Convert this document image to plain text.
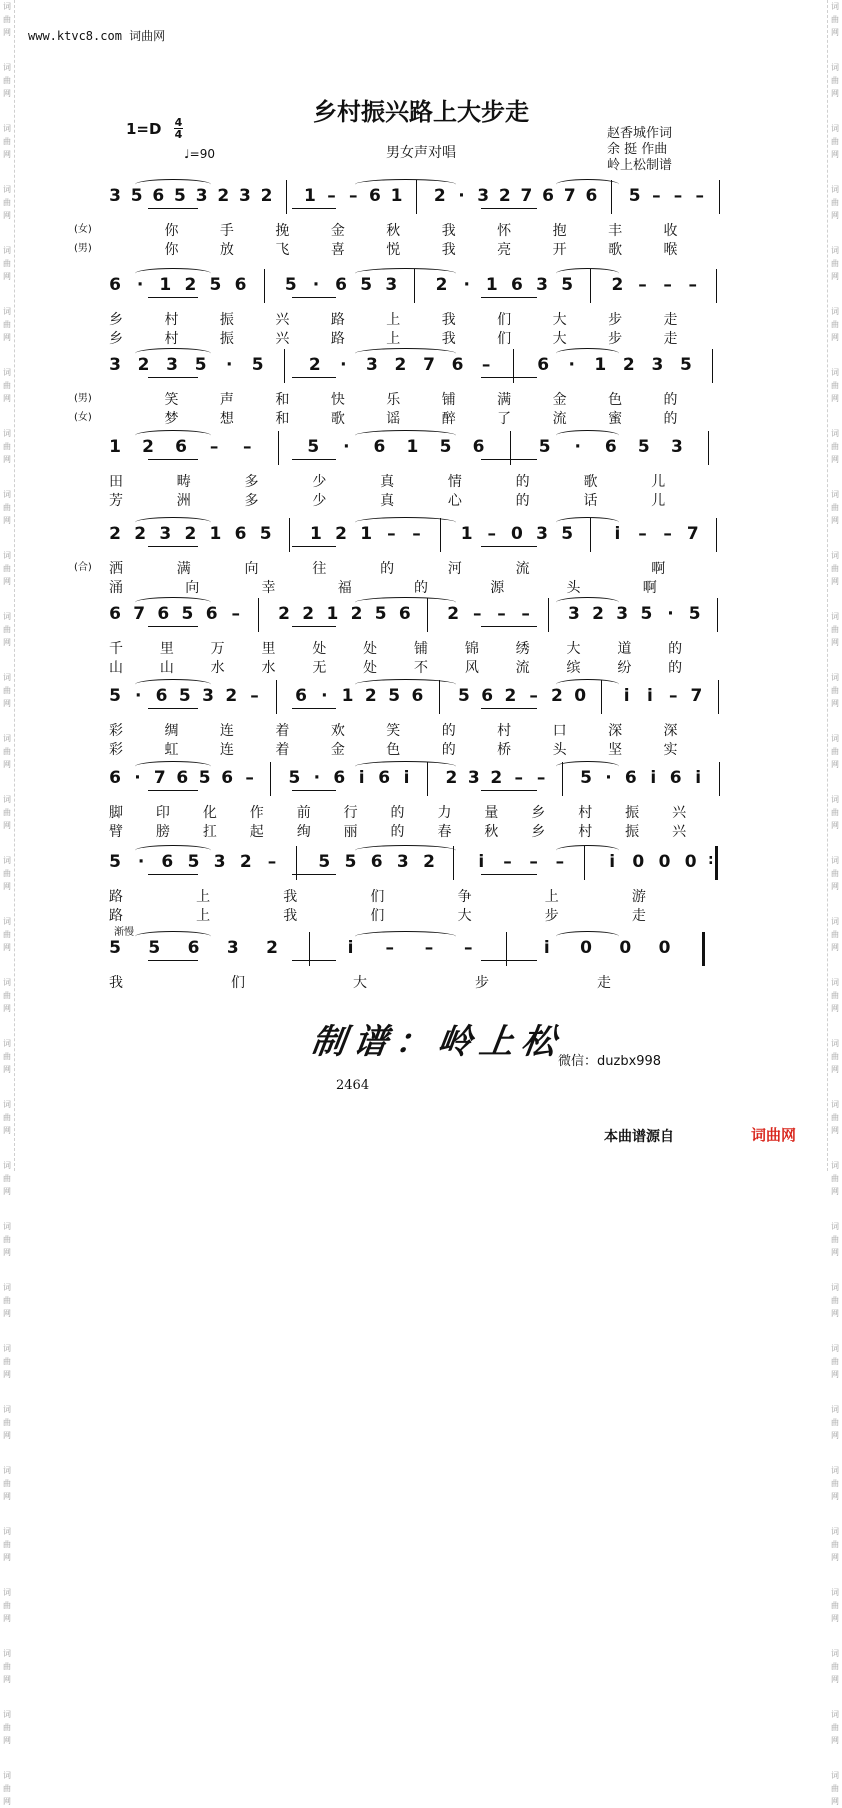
词
曲
网
词
曲
网
词
曲
网
词
曲
网
词
曲
网
词
曲
网
词
曲
网
词
曲
网
词
曲
网
词
曲
网
词
曲
网
词
曲
网
词
曲
网
词
曲
网
词
曲
网
词
曲
网
词
曲
网
词
曲
网
词
曲
网
词
曲
网
词
曲
网
词
曲
网
词
曲
网
词
曲
网
词
曲
网
词
曲
网
词
曲
网
词
曲
网
词
曲
网
词
曲
网
词
曲
网
词
曲
网
词
曲
网
词
曲
网
词
曲
网
词
曲
网
词
曲
网
词
曲
网
词
曲
网
词
曲
网
词
曲
网
词
曲
网
词
曲
网
词
曲
网
词
曲
网
词
曲
网
词
曲
网
词
曲
网
词
曲
网
词
曲
网
词
曲
网
词
曲
网
词
曲
网
词
曲
网
词
曲
网
词
曲
网
词
曲
网
词
曲
网
词
曲
网
词
曲
网
www.ktvc8.com 词曲网
乡村振兴路上大步走
1=D 4
4
♩=90	男女声对唱
赵香城作词
余 挺 作曲
岭上松制谱
3 5 6 5 3 2 3 2 1 – – 6 1 2 · 3 2 7 6 7 6 5 – – –
(女)	你	手	挽	金	秋	我	怀	抱	丰	收
(男)	你	放	飞	喜	悦	我	亮	开	歌	喉
6 · 1 2 5 6 5 · 6 5 3 2 · 1 6 3 5 2 – – –
乡	村	振	兴	路	上	我	们	大	步	走
乡	村	振	兴	路	上	我	们	大	步	走
3 2 3 5 · 5	2 · 3 2 7 6 –	6 · 1 2 3 5
(男)	笑	声	和	快	乐	铺	满	金	色	的
(女)	梦	想	和	歌	谣	醉	了	流	蜜	的
1 2 6 – –	5 · 6 1 5 6	5 · 6 5 3
田	畴	多	少	真	情	的	歌	儿
芳	洲	多	少	真	心	的	话	儿
2 2 3 2 1 6 5 1 2 1 – – 1 – 0 3 5 i – – 7
洒	满	向	往	的	河	流
(合)	啊
涌	向	幸	福	的	源	头	啊
6 7 6 5 6 – 2 2 1 2 5 6 2 – – – 3 2 3 5 · 5
千	里	万	里	处	处	铺	锦	绣	大	道	的
山	山	水	水	无	处	不	风	流	缤	纷	的
5 · 6 5 3 2 – 6 · 1 2 5 6 5 6 2 – 2 0 i i – 7
彩	绸	连	着	欢	笑	的	村	口	深	深
彩	虹	连	着	金	色	的	桥	头	坚	实
6 · 7 6 5 6 – 5 · 6 i 6 i 2 3 2 – – 5 · 6 i 6 i
脚 印 化 作 前 行 的 力 量 乡 村 振 兴
臂 膀 扛 起 绚 丽 的 春 秋 乡 村 振 兴
5 · 6 5 3 2 – 5 5 6 3 2	i – – –	i 0 0 0 :
路	上	我	们	争	上	游
路	上	我	们	大	步	走
5 5 6 3 2	i – – –	i 0 0 0
渐慢
我	们	大	步	走
制谱：岭上松
微信：duzbx998
2464
本曲谱源自	词曲网
